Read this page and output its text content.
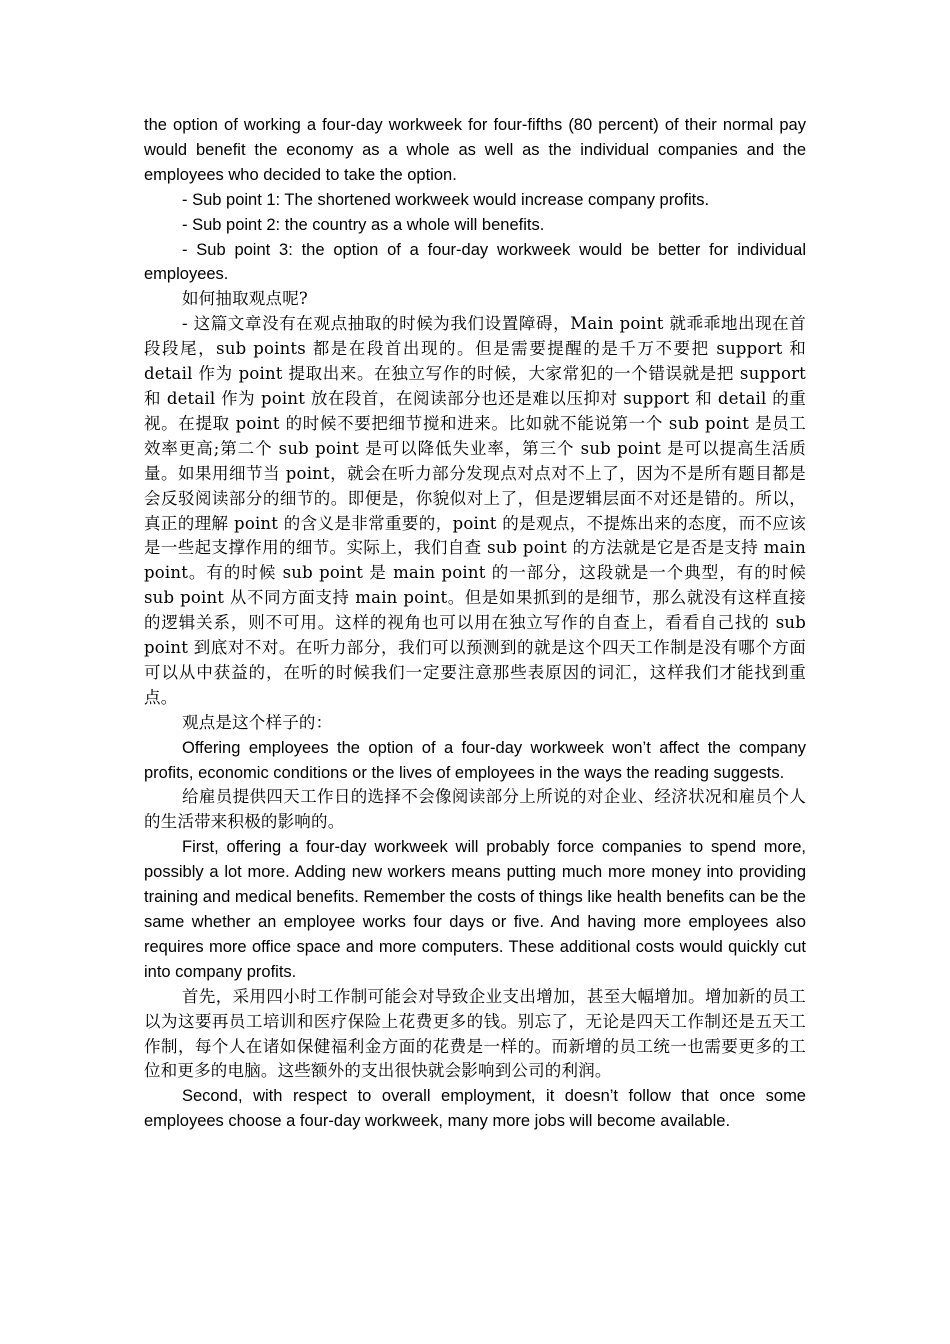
the option of working a four-day workweek for four-fifths (80 percent) of their normal pay would benefit the economy as a whole as well as the individual companies and the employees who decided to take the option.

- Sub point 1: The shortened workweek would increase company profits.

- Sub point 2: the country as a whole will benefits.

- Sub point 3: the option of a four-day workweek would be better for individual employees.

如何抽取观点呢?

- 这篇文章没有在观点抽取的时候为我们设置障碍，Main point 就乖乖地出现在首段段尾，sub points 都是在段首出现的。但是需要提醒的是千万不要把 support 和 detail 作为 point 提取出来。在独立写作的时候，大家常犯的一个错误就是把 support 和 detail 作为 point 放在段首，在阅读部分也还是难以压抑对 support 和 detail 的重视。在提取 point 的时候不要把细节搅和进来。比如就不能说第一个 sub point 是员工效率更高;第二个 sub point 是可以降低失业率，第三个 sub point 是可以提高生活质量。如果用细节当 point，就会在听力部分发现点对点对不上了，因为不是所有题目都是会反驳阅读部分的细节的。即便是，你貌似对上了，但是逻辑层面不对还是错的。所以，真正的理解 point 的含义是非常重要的，point 的是观点，不提炼出来的态度，而不应该是一些起支撑作用的细节。实际上，我们自查 sub point 的方法就是它是否是支持 main point。有的时候 sub point 是 main point 的一部分，这段就是一个典型，有的时候 sub point 从不同方面支持 main point。但是如果抓到的是细节，那么就没有这样直接的逻辑关系，则不可用。这样的视角也可以用在独立写作的自查上，看看自己找的 sub point 到底对不对。在听力部分，我们可以预测到的就是这个四天工作制是没有哪个方面可以从中获益的，在听的时候我们一定要注意那些表原因的词汇，这样我们才能找到重点。

观点是这个样子的：

Offering employees the option of a four-day workweek won’t affect the company profits, economic conditions or the lives of employees in the ways the reading suggests.

给雇员提供四天工作日的选择不会像阅读部分上所说的对企业、经济状况和雇员个人的生活带来积极的影响的。

First, offering a four-day workweek will probably force companies to spend more, possibly a lot more. Adding new workers means putting much more money into providing training and medical benefits. Remember the costs of things like health benefits can be the same whether an employee works four days or five. And having more employees also requires more office space and more computers. These additional costs would quickly cut into company profits.

首先，采用四小时工作制可能会对导致企业支出增加，甚至大幅增加。增加新的员工以为这要再员工培训和医疗保险上花费更多的钱。别忘了，无论是四天工作制还是五天工作制，每个人在诸如保健福利金方面的花费是一样的。而新增的员工统一也需要更多的工位和更多的电脑。这些额外的支出很快就会影响到公司的利润。

Second, with respect to overall employment, it doesn’t follow that once some employees choose a four-day workweek, many more jobs will become available.
